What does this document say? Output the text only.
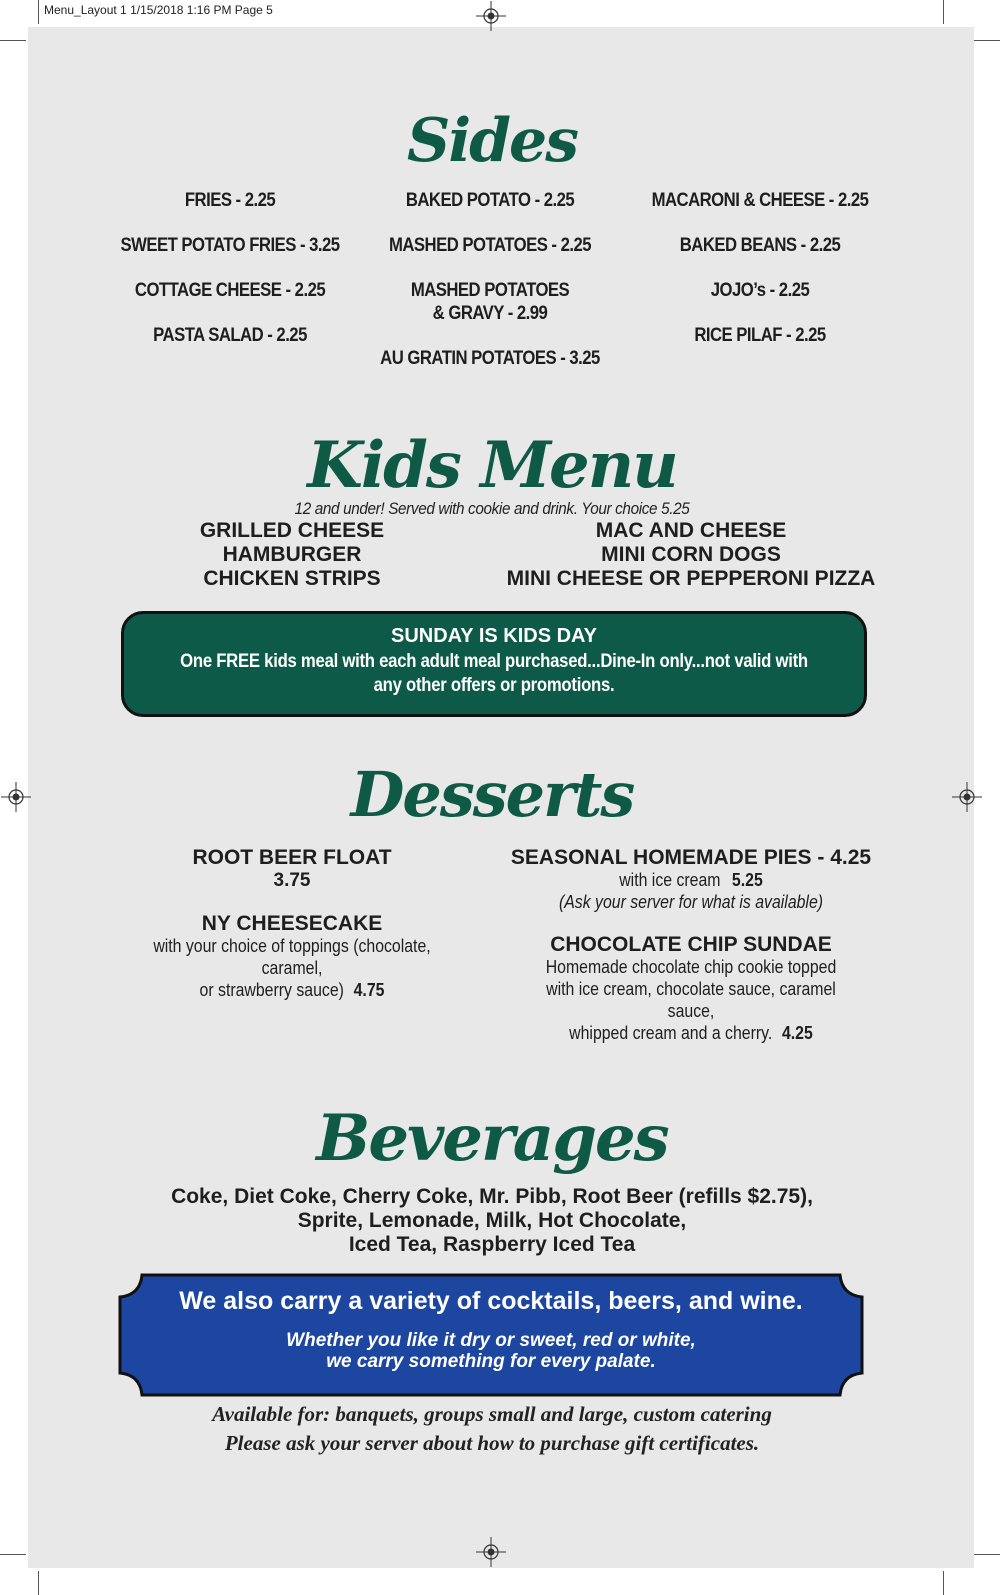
Menu_Layout 1 1/15/2018 1:16 PM Page 5
Sides
FRIES - 2.25
SWEET POTATO FRIES - 3.25
COTTAGE CHEESE - 2.25
PASTA SALAD - 2.25
BAKED POTATO - 2.25
MASHED POTATOES - 2.25
MASHED POTATOES
& GRAVY - 2.99
AU GRATIN POTATOES - 3.25
MACARONI & CHEESE - 2.25
BAKED BEANS - 2.25
JOJO’s - 2.25
RICE PILAF - 2.25
Kids Menu
12 and under! Served with cookie and drink. Your choice 5.25
GRILLED CHEESE
HAMBURGER
CHICKEN STRIPS
MAC AND CHEESE
MINI CORN DOGS
MINI CHEESE OR PEPPERONI PIZZA
SUNDAY IS KIDS DAY
One FREE kids meal with each adult meal purchased...Dine-In only...not valid with
any other offers or promotions.
Desserts
ROOT BEER FLOAT
3.75
NY CHEESECAKE
with your choice of toppings (chocolate, caramel,
or strawberry sauce) 4.75
SEASONAL HOMEMADE PIES - 4.25
with ice cream 5.25
(Ask your server for what is available)
CHOCOLATE CHIP SUNDAE
Homemade chocolate chip cookie topped
with ice cream, chocolate sauce, caramel sauce,
whipped cream and a cherry. 4.25
Beverages
Coke, Diet Coke, Cherry Coke, Mr. Pibb, Root Beer (refills $2.75),
Sprite, Lemonade, Milk, Hot Chocolate,
Iced Tea, Raspberry Iced Tea
We also carry a variety of cocktails, beers, and wine.
Whether you like it dry or sweet, red or white,
we carry something for every palate.
Available for: banquets, groups small and large, custom catering
Please ask your server about how to purchase gift certificates.
